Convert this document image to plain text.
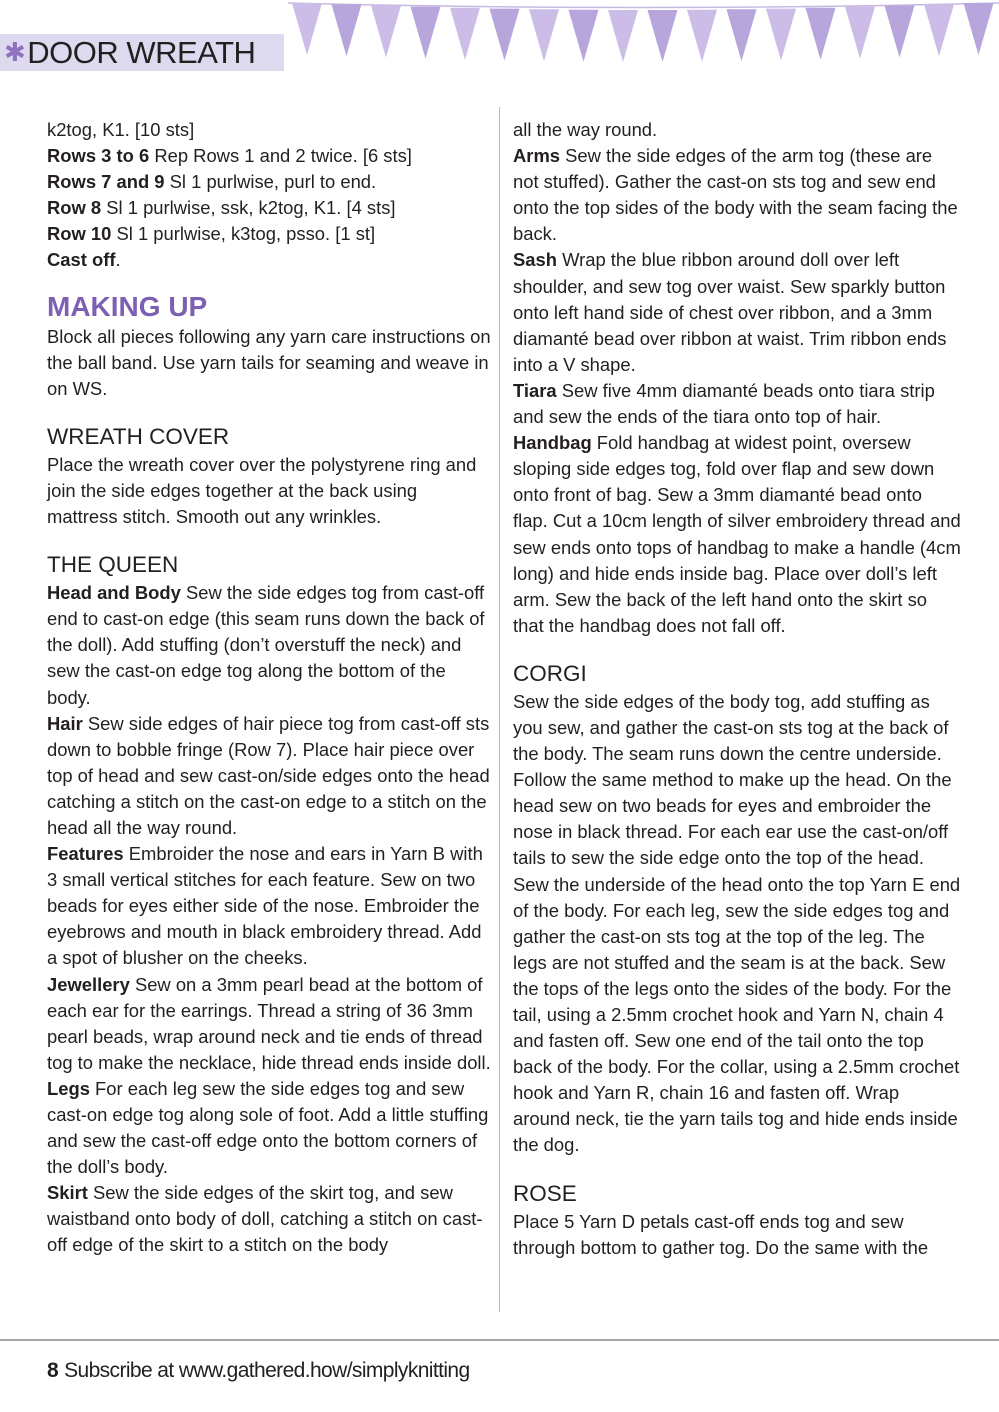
✱DOOR WREATH

k2tog, K1. [10 sts]

Rows 3 to 6 Rep Rows 1 and 2 twice. [6 sts]

Rows 7 and 9 Sl 1 purlwise, purl to end.

Row 8 Sl 1 purlwise, ssk, k2tog, K1. [4 sts]

Row 10 Sl 1 purlwise, k3tog, psso. [1 st]

Cast off.

MAKING UP

Block all pieces following any yarn care instructions on the ball band. Use yarn tails for seaming and weave in on WS.

WREATH COVER

Place the wreath cover over the polystyrene ring and join the side edges together at the back using mattress stitch. Smooth out any wrinkles.

THE QUEEN

Head and Body Sew the side edges tog from cast-off end to cast-on edge (this seam runs down the back of the doll). Add stuffing (don’t overstuff the neck) and sew the cast-on edge tog along the bottom of the body.

Hair Sew side edges of hair piece tog from cast-off sts down to bobble fringe (Row 7). Place hair piece over top of head and sew cast-on/side edges onto the head catching a stitch on the cast-on edge to a stitch on the head all the way round.

Features Embroider the nose and ears in Yarn B with 3 small vertical stitches for each feature. Sew on two beads for eyes either side of the nose. Embroider the eyebrows and mouth in black embroidery thread. Add a spot of blusher on the cheeks.

Jewellery Sew on a 3mm pearl bead at the bottom of each ear for the earrings. Thread a string of 36 3mm pearl beads, wrap around neck and tie ends of thread tog to make the necklace, hide thread ends inside doll.

Legs For each leg sew the side edges tog and sew cast-on edge tog along sole of foot. Add a little stuffing and sew the cast-off edge onto the bottom corners of the doll’s body.

Skirt Sew the side edges of the skirt tog, and sew waistband onto body of doll, catching a stitch on cast-off edge of the skirt to a stitch on the body

all the way round.

Arms Sew the side edges of the arm tog (these are not stuffed). Gather the cast-on sts tog and sew end onto the top sides of the body with the seam facing the back.

Sash Wrap the blue ribbon around doll over left shoulder, and sew tog over waist. Sew sparkly button onto left hand side of chest over ribbon, and a 3mm diamanté bead over ribbon at waist. Trim ribbon ends into a V shape.

Tiara Sew five 4mm diamanté beads onto tiara strip and sew the ends of the tiara onto top of hair.

Handbag Fold handbag at widest point, oversew sloping side edges tog, fold over flap and sew down onto front of bag. Sew a 3mm diamanté bead onto flap. Cut a 10cm length of silver embroidery thread and sew ends onto tops of handbag to make a handle (4cm long) and hide ends inside bag. Place over doll’s left arm. Sew the back of the left hand onto the skirt so that the handbag does not fall off.

CORGI

Sew the side edges of the body tog, add stuffing as you sew, and gather the cast-on sts tog at the back of the body. The seam runs down the centre underside. Follow the same method to make up the head. On the head sew on two beads for eyes and embroider the nose in black thread. For each ear use the cast-on/off tails to sew the side edge onto the top of the head. Sew the underside of the head onto the top Yarn E end of the body. For each leg, sew the side edges tog and gather the cast-on sts tog at the top of the leg. The legs are not stuffed and the seam is at the back. Sew the tops of the legs onto the sides of the body. For the tail, using a 2.5mm crochet hook and Yarn N, chain 4 and fasten off. Sew one end of the tail onto the top back of the body. For the collar, using a 2.5mm crochet hook and Yarn R, chain 16 and fasten off. Wrap around neck, tie the yarn tails tog and hide ends inside the dog.

ROSE

Place 5 Yarn D petals cast-off ends tog and sew through bottom to gather tog. Do the same with the

8 Subscribe at www.gathered.how/simplyknitting
